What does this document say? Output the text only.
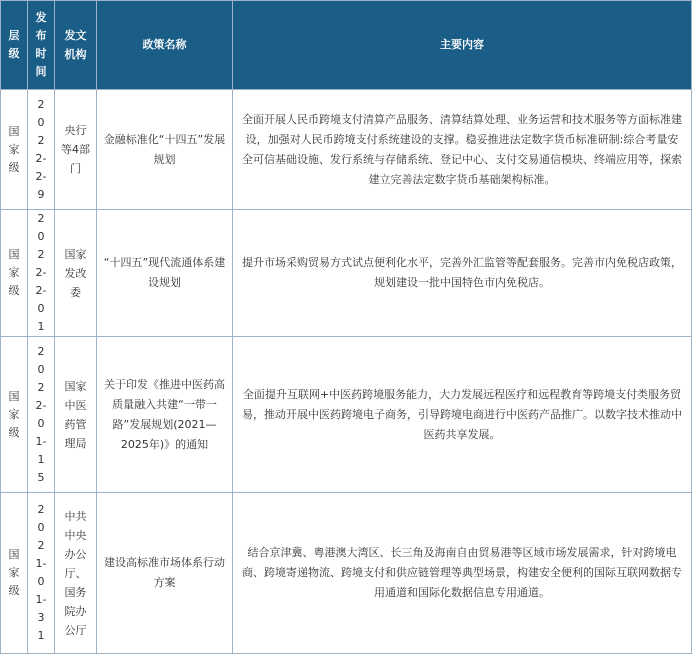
层级	发布时间	发文机构	政策名称	主要内容
国家级	2022-2-9	央行等4部门	金融标准化“十四五”发展规划	全面开展人民币跨境支付清算产品服务、清算结算处理、业务运营和技术服务等方面标准建设，加强对人民币跨境支付系统建设的支撑。稳妥推进法定数字货币标准研制:综合考量安全可信基础设施、发行系统与存储系统、登记中心、支付交易通信模块、终端应用等，探索建立完善法定数字货币基础架构标准。

国家级	2022-2-01	国家发改委	“十四五”现代流通体系建设规划	提升市场采购贸易方式试点便利化水平，完善外汇监管等配套服务。完善市内免税店政策，规划建设一批中国特色市内免税店。

国家级	2022-01-15	国家中医药管理局	关于印发《推进中医药高质量融入共建“一带一路”发展规划(2021—2025年)》的通知	全面提升互联网+中医药跨境服务能力，大力发展远程医疗和远程教育等跨境支付类服务贸易，推动开展中医药跨境电子商务，引导跨境电商进行中医药产品推广。以数字技术推动中医药共享发展。

国家级	2021-01-31	中共中央办公厅、国务院办公厅	建设高标准市场体系行动方案	结合京津冀、粤港澳大湾区、长三角及海南自由贸易港等区域市场发展需求，针对跨境电商、跨境寄递物流、跨境支付和供应链管理等典型场景，构建安全便利的国际互联网数据专用通道和国际化数据信息专用通道。
